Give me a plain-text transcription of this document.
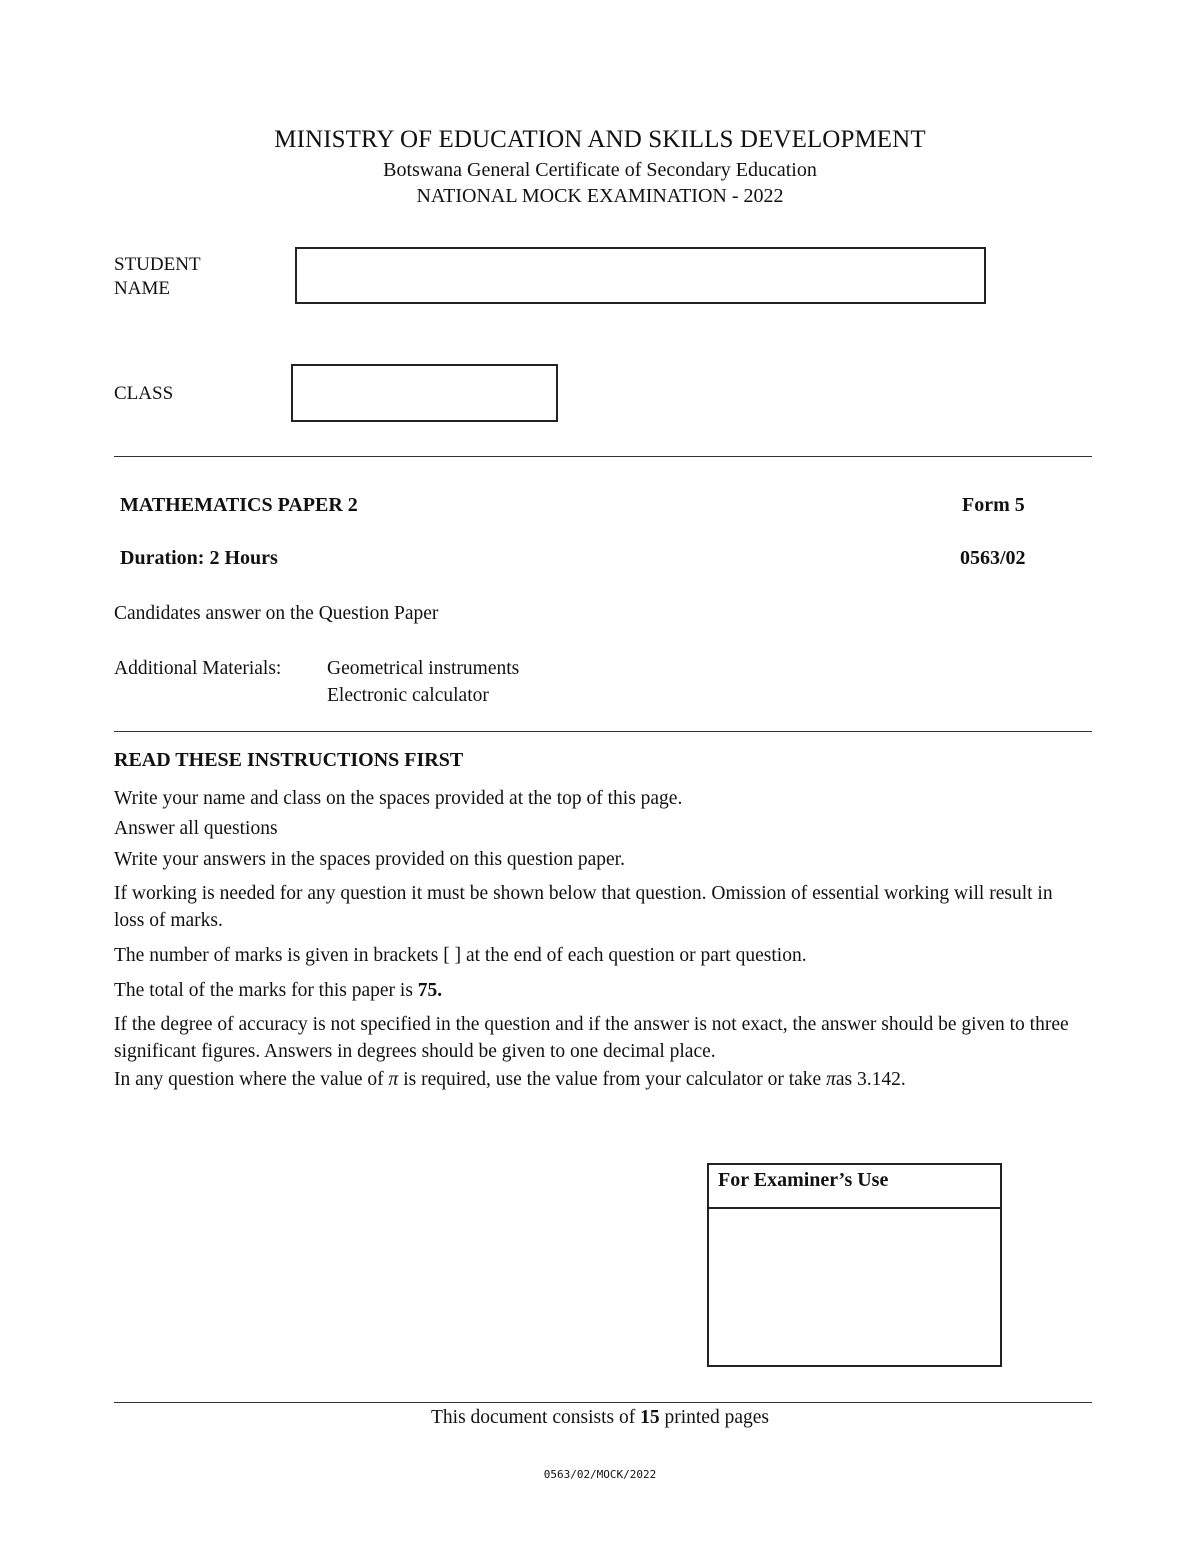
MINISTRY OF EDUCATION AND SKILLS DEVELOPMENT
Botswana General Certificate of Secondary Education
NATIONAL MOCK EXAMINATION - 2022
STUDENT
NAME
CLASS
MATHEMATICS PAPER 2	Form 5
Duration: 2 Hours	0563/02
Candidates answer on the Question Paper
Additional Materials: Geometrical instruments
Electronic calculator
READ THESE INSTRUCTIONS FIRST
Write your name and class on the spaces provided at the top of this page.
Answer all questions
Write your answers in the spaces provided on this question paper.
If working is needed for any question it must be shown below that question. Omission of essential working will result in loss of marks.
The number of marks is given in brackets [ ] at the end of each question or part question.
The total of the marks for this paper is 75.
If the degree of accuracy is not specified in the question and if the answer is not exact, the answer should be given to three significant figures. Answers in degrees should be given to one decimal place.
In any question where the value of π is required, use the value from your calculator or take πas 3.142.
For Examiner’s Use
This document consists of 15 printed pages
0563/02/MOCK/2022
